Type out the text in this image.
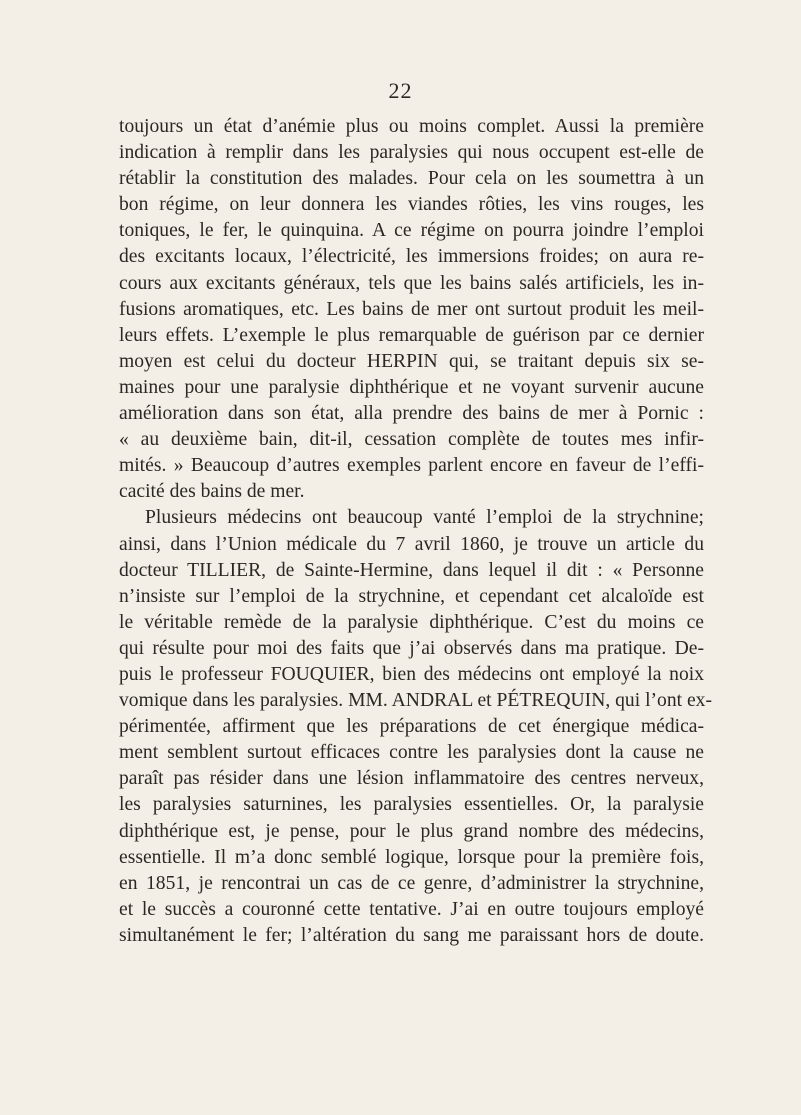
22

toujours un état d’anémie plus ou moins complet. Aussi la première
indication à remplir dans les paralysies qui nous occupent est-elle de
rétablir la constitution des malades. Pour cela on les soumettra à un
bon régime, on leur donnera les viandes rôties, les vins rouges, les
toniques, le fer, le quinquina. A ce régime on pourra joindre l’emploi
des excitants locaux, l’électricité, les immersions froides; on aura re-
cours aux excitants généraux, tels que les bains salés artificiels, les in-
fusions aromatiques, etc. Les bains de mer ont surtout produit les meil-
leurs effets. L’exemple le plus remarquable de guérison par ce dernier
moyen est celui du docteur HERPIN qui, se traitant depuis six se-
maines pour une paralysie diphthérique et ne voyant survenir aucune
amélioration dans son état, alla prendre des bains de mer à Pornic :
« au deuxième bain, dit-il, cessation complète de toutes mes infir-
mités. » Beaucoup d’autres exemples parlent encore en faveur de l’effi-
cacité des bains de mer.

Plusieurs médecins ont beaucoup vanté l’emploi de la strychnine;
ainsi, dans l’Union médicale du 7 avril 1860, je trouve un article du
docteur TILLIER, de Sainte-Hermine, dans lequel il dit : « Personne
n’insiste sur l’emploi de la strychnine, et cependant cet alcaloïde est
le véritable remède de la paralysie diphthérique. C’est du moins ce
qui résulte pour moi des faits que j’ai observés dans ma pratique. De-
puis le professeur FOUQUIER, bien des médecins ont employé la noix
vomique dans les paralysies. MM. ANDRAL et PÉTREQUIN, qui l’ont ex-
périmentée, affirment que les préparations de cet énergique médica-
ment semblent surtout efficaces contre les paralysies dont la cause ne
paraît pas résider dans une lésion inflammatoire des centres nerveux,
les paralysies saturnines, les paralysies essentielles. Or, la paralysie
diphthérique est, je pense, pour le plus grand nombre des médecins,
essentielle. Il m’a donc semblé logique, lorsque pour la première fois,
en 1851, je rencontrai un cas de ce genre, d’administrer la strychnine,
et le succès a couronné cette tentative. J’ai en outre toujours employé
simultanément le fer; l’altération du sang me paraissant hors de doute.
